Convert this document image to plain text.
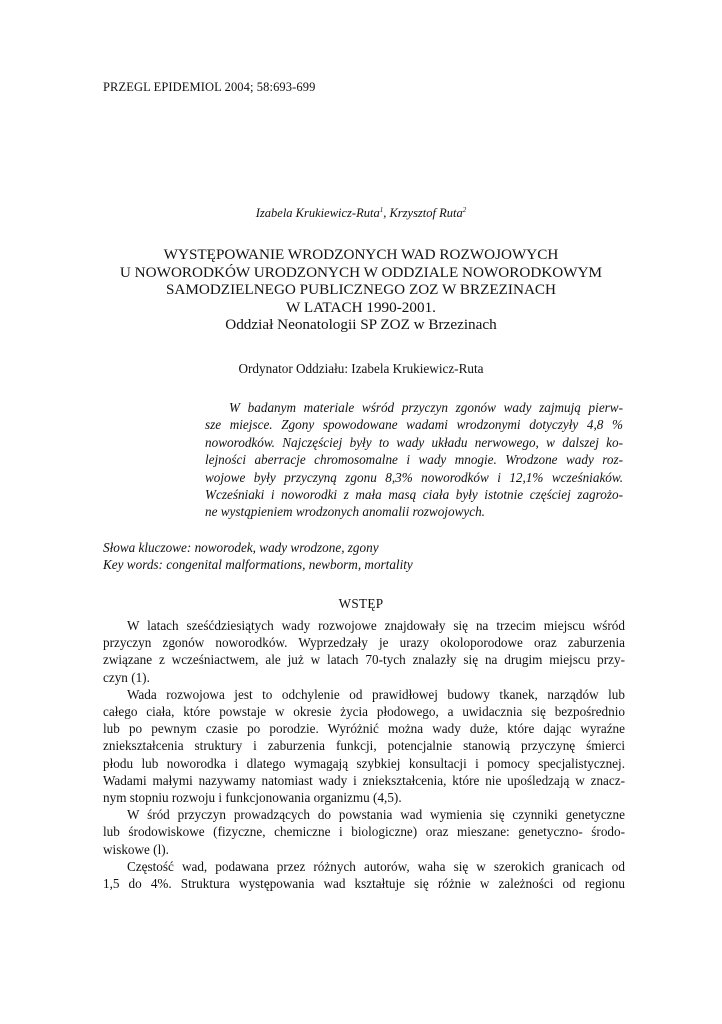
PRZEGL EPIDEMIOL 2004; 58:693-699
Izabela Krukiewicz-Ruta$^1$, Krzysztof Ruta$^2$
WYSTĘPOWANIE WRODZONYCH WAD ROZWOJOWYCH
U NOWORODKÓW URODZONYCH W ODDZIALE NOWORODKOWYM
SAMODZIELNEGO PUBLICZNEGO ZOZ W BRZEZINACH
W LATACH 1990-2001.
Oddział Neonatologii SP ZOZ w Brzezinach
Ordynator Oddziału: Izabela Krukiewicz-Ruta
W badanym materiale wśród przyczyn zgonów wady zajmują pierw-
sze miejsce. Zgony spowodowane wadami wrodzonymi dotyczyły 4,8 %
noworodków. Najczęściej były to wady układu nerwowego, w dalszej ko-
lejności aberracje chromosomalne i wady mnogie. Wrodzone wady roz-
wojowe były przyczyną zgonu 8,3% noworodków i 12,1% wcześniaków.
Wcześniaki i noworodki z mała masą ciała były istotnie częściej zagrożo-
ne wystąpieniem wrodzonych anomalii rozwojowych.
Słowa kluczowe: noworodek, wady wrodzone, zgony
Key words: congenital malformations, newborm, mortality
WSTĘP
W latach sześćdziesiątych wady rozwojowe znajdowały się na trzecim miejscu wśród
przyczyn zgonów noworodków. Wyprzedzały je urazy okoloporodowe oraz zaburzenia
związane z wcześniactwem, ale już w latach 70-tych znalazły się na drugim miejscu przy-
czyn (1).
Wada rozwojowa jest to odchylenie od prawidłowej budowy tkanek, narządów lub
całego ciała, które powstaje w okresie życia płodowego, a uwidacznia się bezpośrednio
lub po pewnym czasie po porodzie. Wyróżnić można wady duże, które dając wyraźne
zniekształcenia struktury i zaburzenia funkcji, potencjalnie stanowią przyczynę śmierci
płodu lub noworodka i dlatego wymagają szybkiej konsultacji i pomocy specjalistycznej.
Wadami małymi nazywamy natomiast wady i zniekształcenia, które nie upośledzają w znacz-
nym stopniu rozwoju i funkcjonowania organizmu (4,5).
W śród przyczyn prowadzących do powstania wad wymienia się czynniki genetyczne
lub środowiskowe (fizyczne, chemiczne i biologiczne) oraz mieszane: genetyczno- środo-
wiskowe (l).
Częstość wad, podawana przez różnych autorów, waha się w szerokich granicach od
1,5 do 4%. Struktura występowania wad kształtuje się różnie w zależności od regionu
